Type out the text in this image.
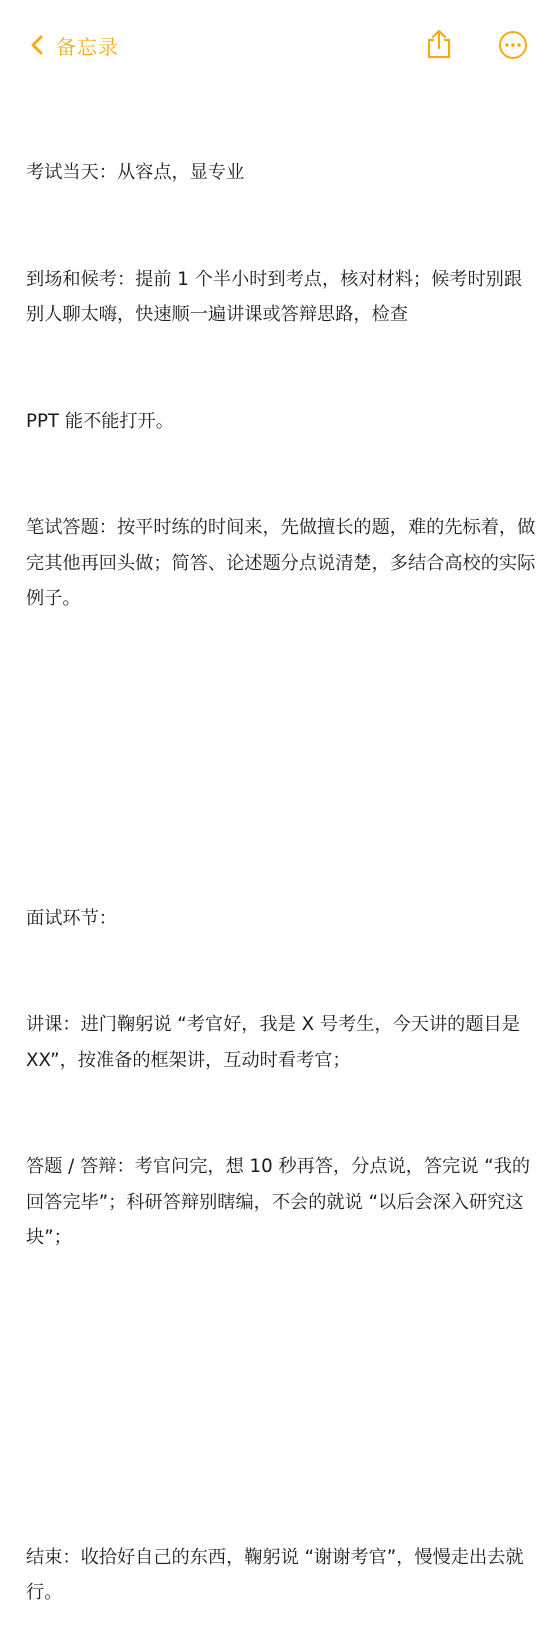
备忘录

考试当天：从容点，显专业

到场和候考：提前 1 个半小时到考点，核对材料；候考时别跟别人聊太嗨，快速顺一遍讲课或答辩思路，检查

PPT 能不能打开。

笔试答题：按平时练的时间来，先做擅长的题，难的先标着，做完其他再回头做；简答、论述题分点说清楚，多结合高校的实际例子。

面试环节：

讲课：进门鞠躬说 “考官好，我是 X 号考生，今天讲的题目是 XX”，按准备的框架讲，互动时看考官；

答题 / 答辩：考官问完，想 10 秒再答，分点说，答完说 “我的回答完毕”；科研答辩别瞎编，不会的就说 “以后会深入研究这块”；

结束：收拾好自己的东西，鞠躬说 “谢谢考官”，慢慢走出去就行。
